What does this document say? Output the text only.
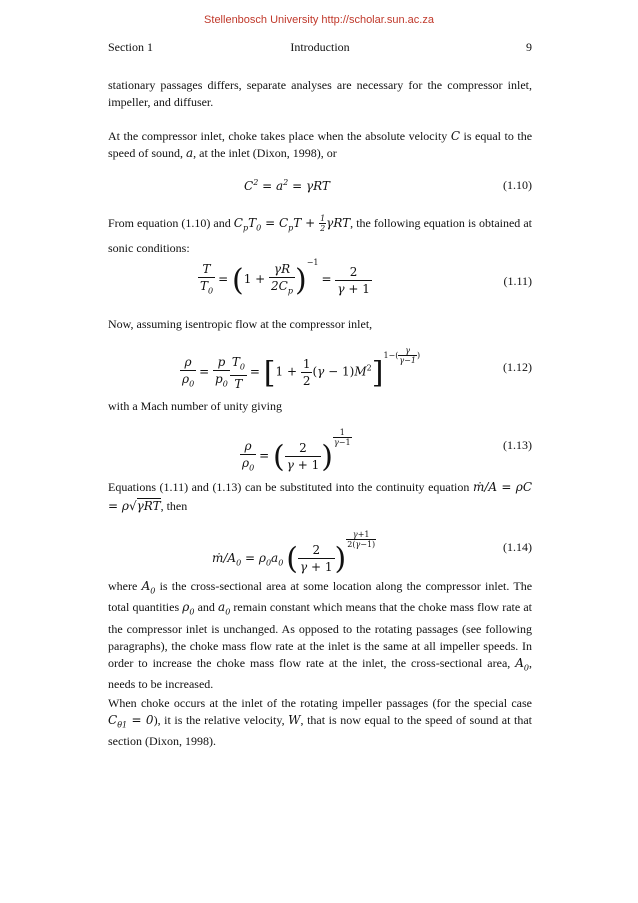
Stellenbosch University http://scholar.sun.ac.za
Section 1	Introduction	9

stationary passages differs, separate analyses are necessary for the compressor inlet, impeller, and diffuser.

At the compressor inlet, choke takes place when the absolute velocity C is equal to the speed of sound, a, at the inlet (Dixon, 1998), or

$C^2 = a^2 = \gamma RT$	(1.10)

From equation (1.10) and $C_pT_0 = C_pT + \frac{1}{2} \gamma RT$, the following equation is obtained at sonic conditions:

$\frac{T}{T_0} = (1 + \frac{\gamma R}{2C_p} )^{-1} = \frac{2}{\gamma + 1}$	(1.11)

Now, assuming isentropic flow at the compressor inlet,

$\frac{\rho}{\rho_0} = \frac{p}{p_0} \frac{T_0}{T} = [1 + \frac{1}{2} (\gamma - 1)M^2]^{1-( \frac{\gamma}{\gamma-1} )}$
(1.12)

with a Mach number of unity giving

$\frac{\rho}{\rho_0}$ = ( $\frac{2}{\gamma + 1}$ )
$^{\frac{1}{\gamma-1}}$	(1.13)

Equations (1.11) and (1.13) can be substituted into the continuity equation ṁ/A = ρC = ρ√γRT, then

$ṁ/A_0 = \rho_0a_0$ ( $\frac{2}{\gamma + 1}$ )
$^{\frac{\gamma+1}{2(\gamma-1)}}$	(1.14)

where $A_0$ is the cross-sectional area at some location along the compressor inlet. The total quantities $\rho_0$ and $a_0$ remain constant which means that the choke mass flow rate at the compressor inlet is unchanged. As opposed to the rotating passages (see following paragraphs), the choke mass flow rate at the inlet is the same at all impeller speeds. In order to increase the choke mass flow rate at the inlet, the cross-sectional area, $A_0$, needs to be increased.

When choke occurs at the inlet of the rotating impeller passages (for the special case $C_{\theta 1} = 0$), it is the relative velocity, W, that is now equal to the speed of sound at that section (Dixon, 1998).
